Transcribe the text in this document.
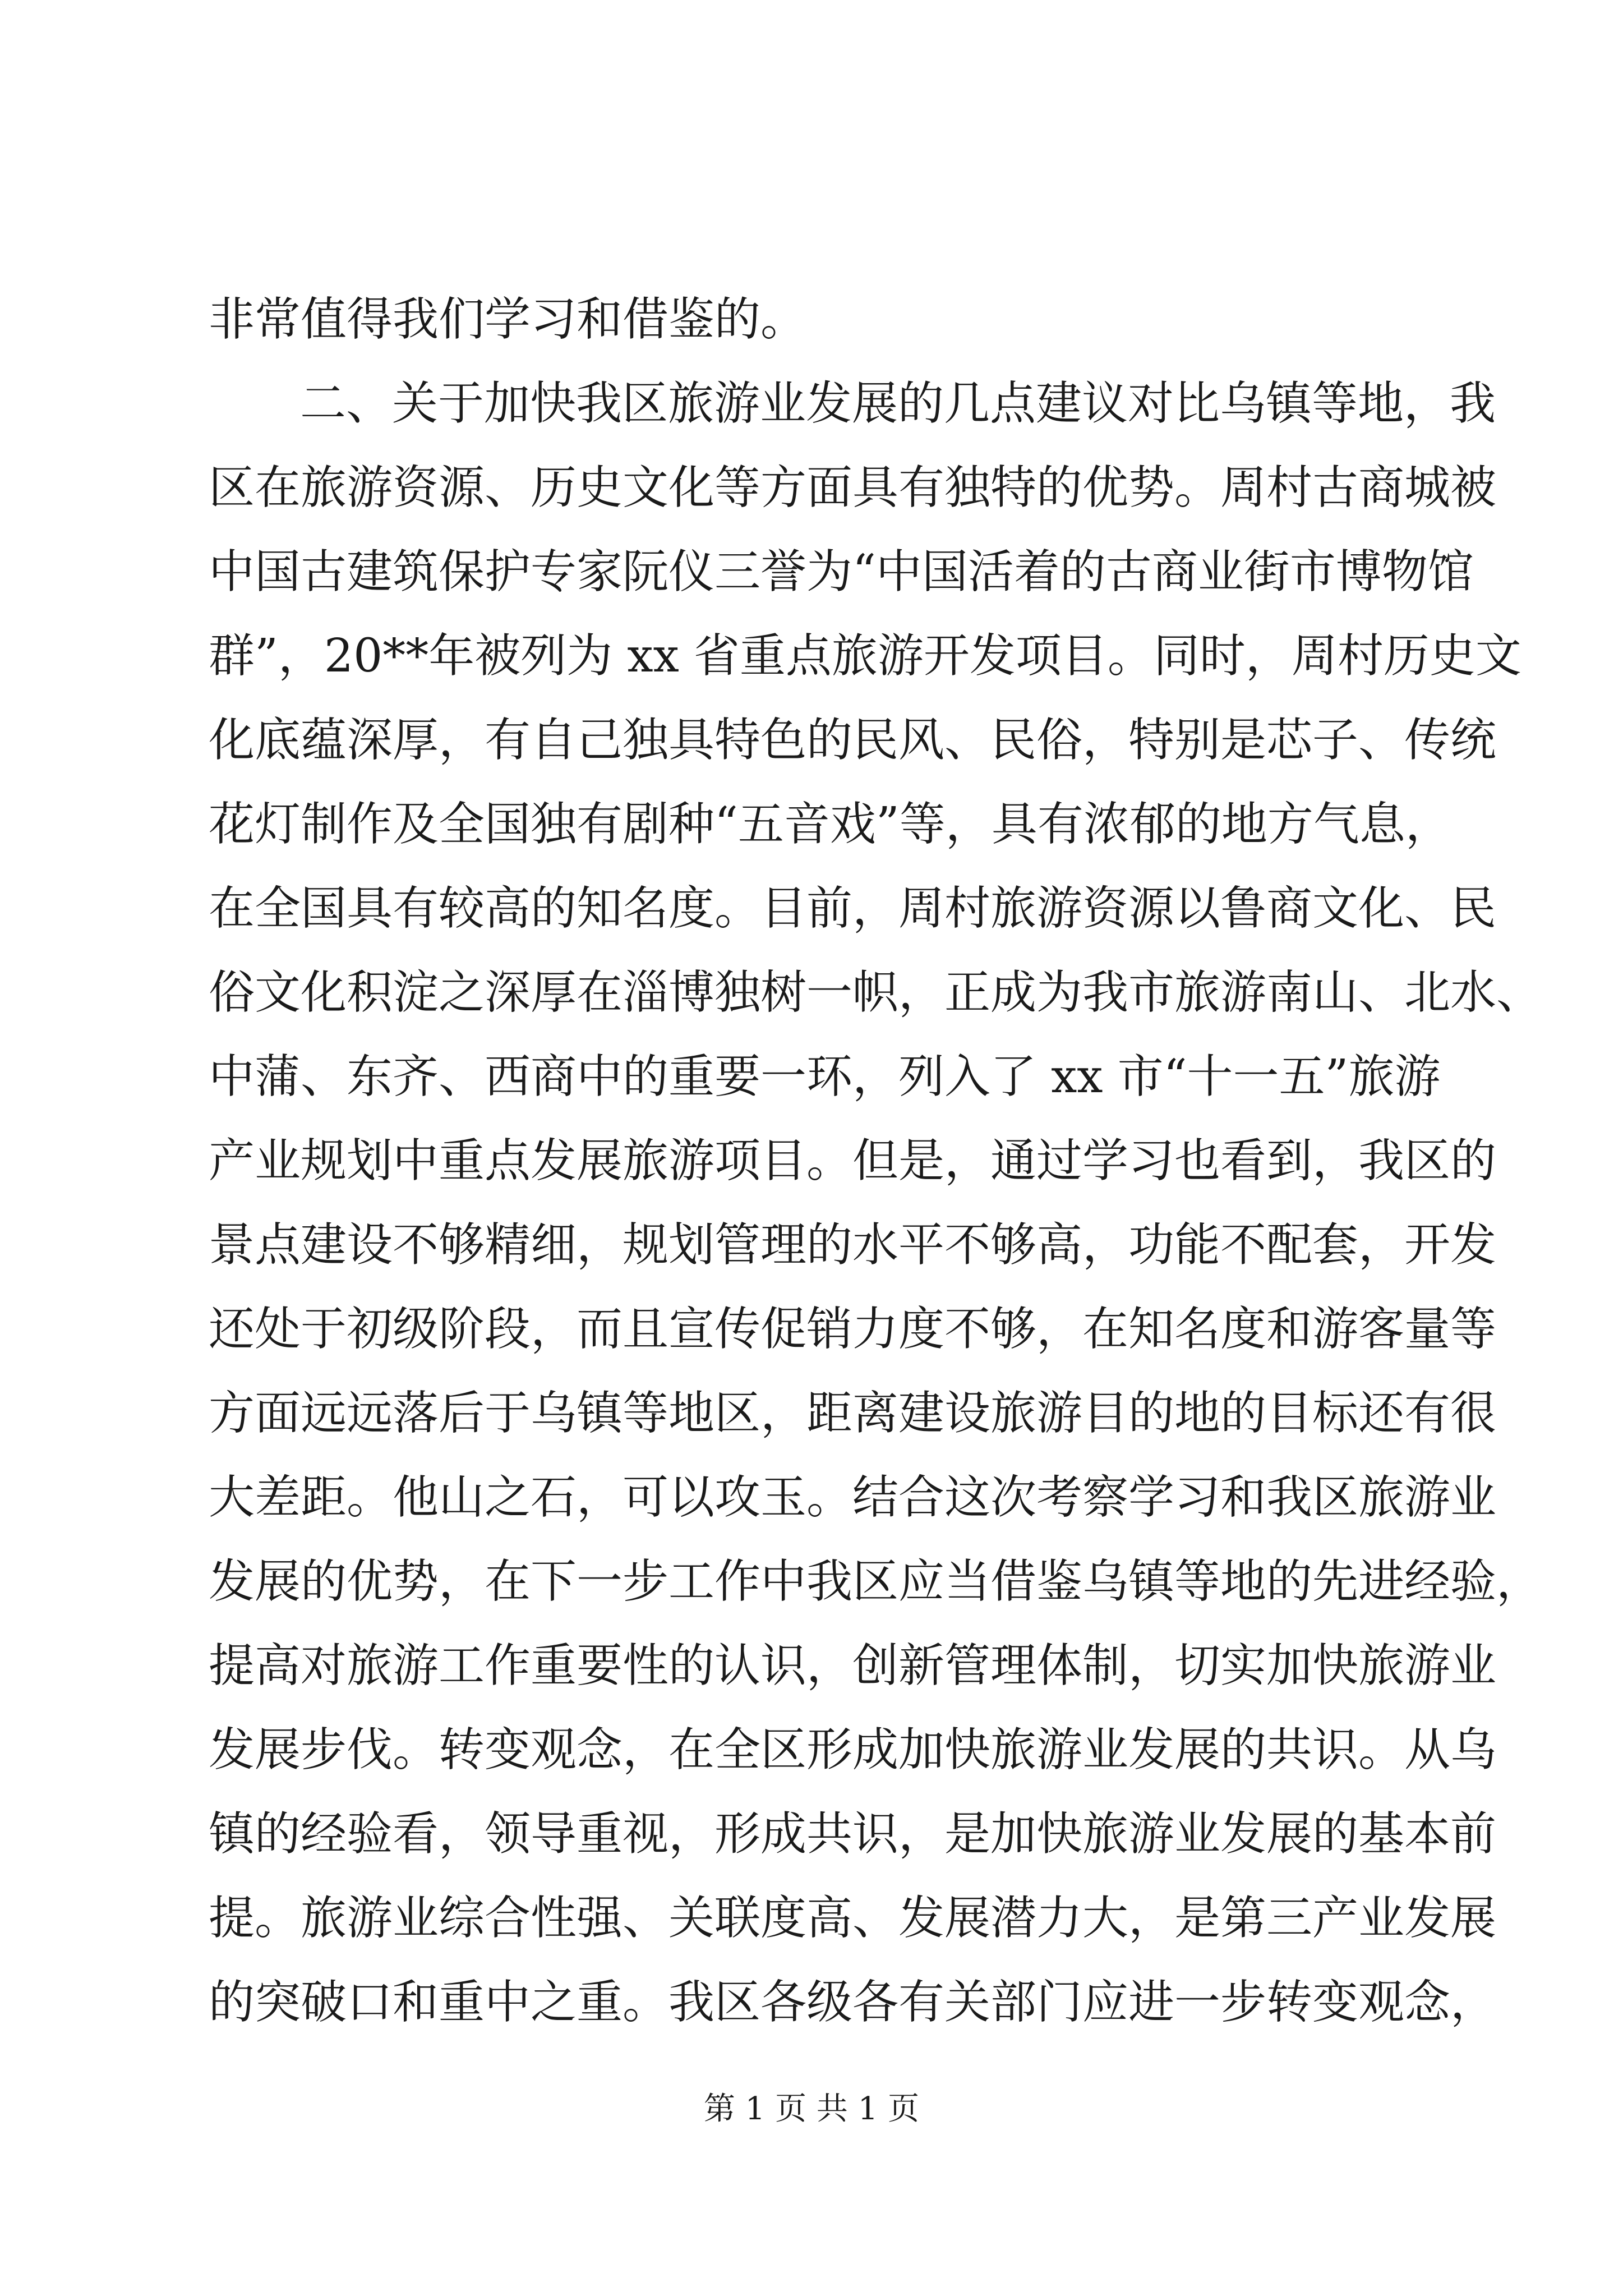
非常值得我们学习和借鉴的。
二、关于加快我区旅游业发展的几点建议对比乌镇等地，我
区在旅游资源、历史文化等方面具有独特的优势。周村古商城被
中国古建筑保护专家阮仪三誉为“中国活着的古商业街市博物馆
群”，20**年被列为 xx 省重点旅游开发项目。同时，周村历史文
化底蕴深厚，有自己独具特色的民风、民俗，特别是芯子、传统
花灯制作及全国独有剧种“五音戏”等，具有浓郁的地方气息，
在全国具有较高的知名度。目前，周村旅游资源以鲁商文化、民
俗文化积淀之深厚在淄博独树一帜，正成为我市旅游南山、北水、
中蒲、东齐、西商中的重要一环，列入了 xx 市“十一五”旅游
产业规划中重点发展旅游项目。但是，通过学习也看到，我区的
景点建设不够精细，规划管理的水平不够高，功能不配套，开发
还处于初级阶段，而且宣传促销力度不够，在知名度和游客量等
方面远远落后于乌镇等地区，距离建设旅游目的地的目标还有很
大差距。他山之石，可以攻玉。结合这次考察学习和我区旅游业
发展的优势，在下一步工作中我区应当借鉴乌镇等地的先进经验，
提高对旅游工作重要性的认识，创新管理体制，切实加快旅游业
发展步伐。转变观念，在全区形成加快旅游业发展的共识。从乌
镇的经验看，领导重视，形成共识，是加快旅游业发展的基本前
提。旅游业综合性强、关联度高、发展潜力大，是第三产业发展
的突破口和重中之重。我区各级各有关部门应进一步转变观念，
第 1 页 共 1 页
